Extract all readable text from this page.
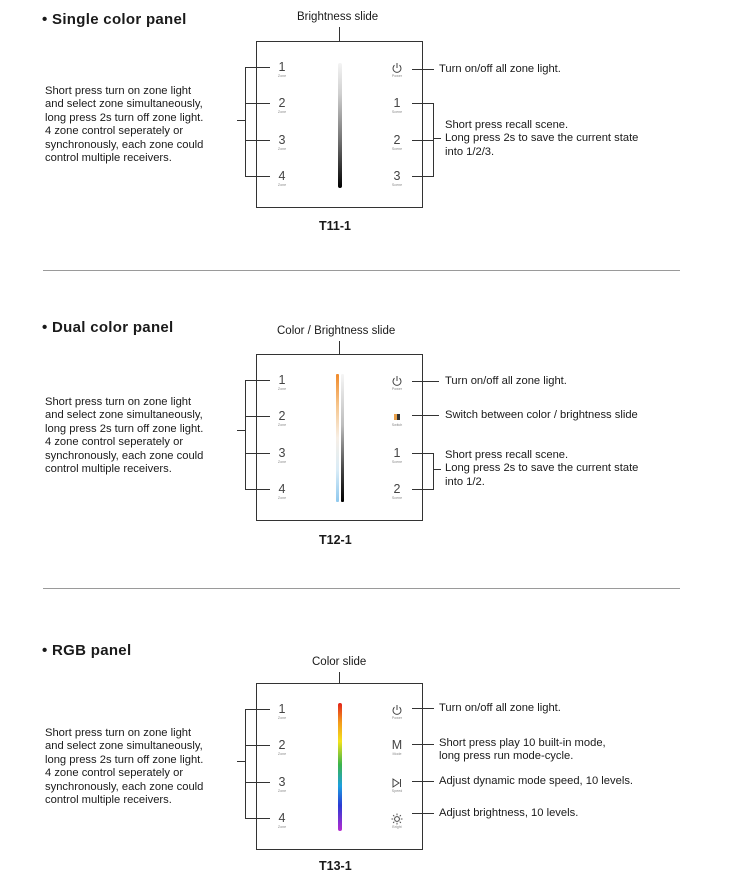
• Single color panel	Brightness slide
1
Zone
2
Zone
3
Zone
4
Zone
Power
1
Scene
2
Scene
3
Scene
Short press turn on zone light
and select zone simultaneously,
long press 2s turn off zone light.
4 zone control seperately or
synchronously, each zone could
control multiple receivers.
Turn on/off all zone light.
Short press recall scene.
Long press 2s to save the current state
into 1/2/3.
T11-1
• Dual color panel	Color / Brightness slide
1
Zone
2
Zone
3
Zone
4
Zone
Power
Switch
1
Scene
2
Scene
Short press turn on zone light
and select zone simultaneously,
long press 2s turn off zone light.
4 zone control seperately or
synchronously, each zone could
control multiple receivers.
Turn on/off all zone light.
Switch between color / brightness slide
Short press recall scene.
Long press 2s to save the current state
into 1/2.
T12-1
• RGB panel
Color slide
1
Zone
2
Zone
3
Zone
4
Zone
Power
M
Mode
Speed
Bright
Short press turn on zone light
and select zone simultaneously,
long press 2s turn off zone light.
4 zone control seperately or
synchronously, each zone could
control multiple receivers.
Turn on/off all zone light.
Short press play 10 built-in mode,
long press run mode-cycle.
Adjust dynamic mode speed, 10 levels.
Adjust brightness, 10 levels.
T13-1
